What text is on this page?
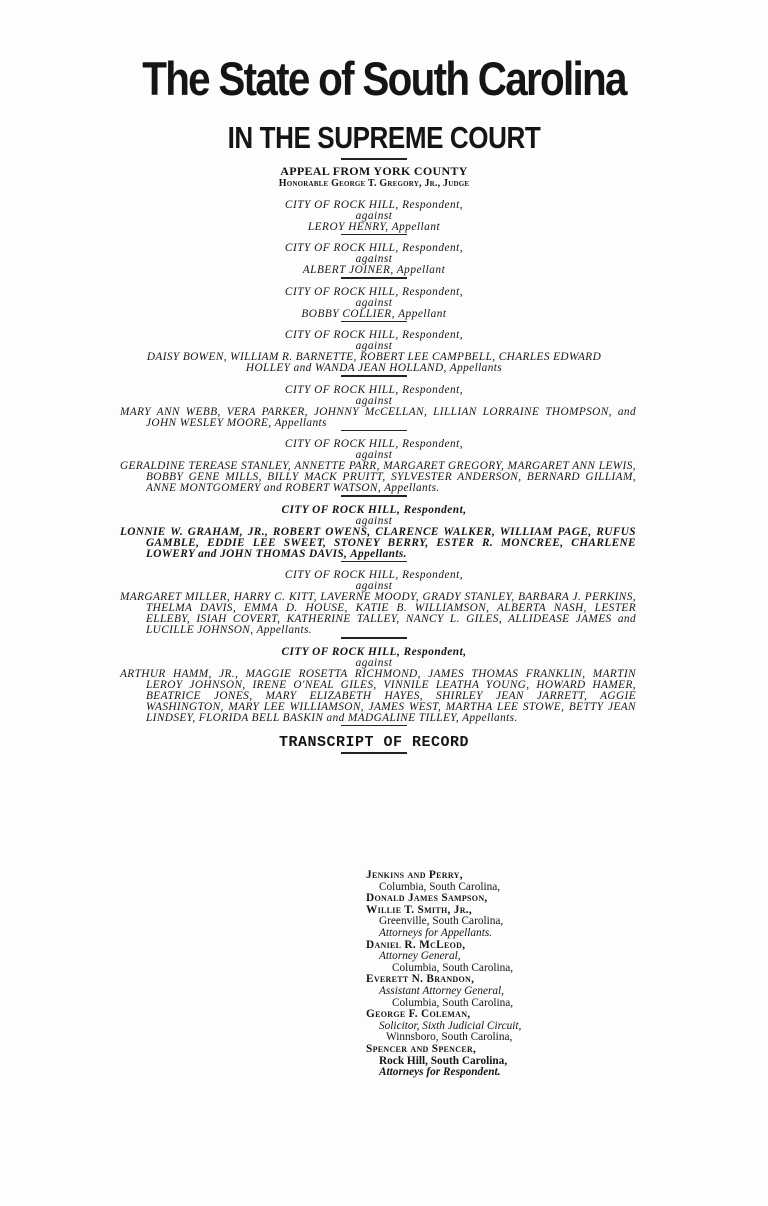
The State of South Carolina
IN THE SUPREME COURT
APPEAL FROM YORK COUNTY
Honorable George T. Gregory, Jr., Judge
CITY OF ROCK HILL, Respondent,
against
LEROY HENRY, Appellant
CITY OF ROCK HILL, Respondent,
against
ALBERT JOINER, Appellant
CITY OF ROCK HILL, Respondent,
against
BOBBY COLLIER, Appellant
CITY OF ROCK HILL, Respondent,
against
DAISY BOWEN, WILLIAM R. BARNETTE, ROBERT LEE CAMPBELL, CHARLES EDWARD HOLLEY and WANDA JEAN HOLLAND, Appellants
CITY OF ROCK HILL, Respondent,
against
MARY ANN WEBB, VERA PARKER, JOHNNY McCELLAN, LILLIAN LORRAINE THOMPSON, and JOHN WESLEY MOORE, Appellants
CITY OF ROCK HILL, Respondent,
against
GERALDINE TEREASE STANLEY, ANNETTE PARR, MARGARET GREGORY, MARGARET ANN LEWIS, BOBBY GENE MILLS, BILLY MACK PRUITT, SYLVESTER ANDERSON, BERNARD GILLIAM, ANNE MONTGOMERY and ROBERT WATSON, Appellants.
CITY OF ROCK HILL, Respondent,
against
LONNIE W. GRAHAM, JR., ROBERT OWENS, CLARENCE WALKER, WILLIAM PAGE, RUFUS GAMBLE, EDDIE LEE SWEET, STONEY BERRY, ESTER R. MONCREE, CHARLENE LOWERY and JOHN THOMAS DAVIS, Appellants.
CITY OF ROCK HILL, Respondent,
against
MARGARET MILLER, HARRY C. KITT, LAVERNE MOODY, GRADY STANLEY, BARBARA J. PERKINS, THELMA DAVIS, EMMA D. HOUSE, KATIE B. WILLIAMSON, ALBERTA NASH, LESTER ELLEBY, ISIAH COVERT, KATHERINE TALLEY, NANCY L. GILES, ALLIDEASE JAMES and LUCILLE JOHNSON, Appellants.
CITY OF ROCK HILL, Respondent,
against
ARTHUR HAMM, JR., MAGGIE ROSETTA RICHMOND, JAMES THOMAS FRANKLIN, MARTIN LEROY JOHNSON, IRENE O'NEAL GILES, VINNILE LEATHA YOUNG, HOWARD HAMER, BEATRICE JONES, MARY ELIZABETH HAYES, SHIRLEY JEAN JARRETT, AGGIE WASHINGTON, MARY LEE WILLIAMSON, JAMES WEST, MARTHA LEE STOWE, BETTY JEAN LINDSEY, FLORIDA BELL BASKIN and MADGALINE TILLEY, Appellants.
TRANSCRIPT OF RECORD
Jenkins and Perry,
Columbia, South Carolina,
Donald James Sampson,
Willie T. Smith, Jr.,
Greenville, South Carolina,
Attorneys for Appellants.
Daniel R. McLeod,
Attorney General,
Columbia, South Carolina,
Everett N. Brandon,
Assistant Attorney General,
Columbia, South Carolina,
George F. Coleman,
Solicitor, Sixth Judicial Circuit,
Winnsboro, South Carolina,
Spencer and Spencer,
Rock Hill, South Carolina,
Attorneys for Respondent.
